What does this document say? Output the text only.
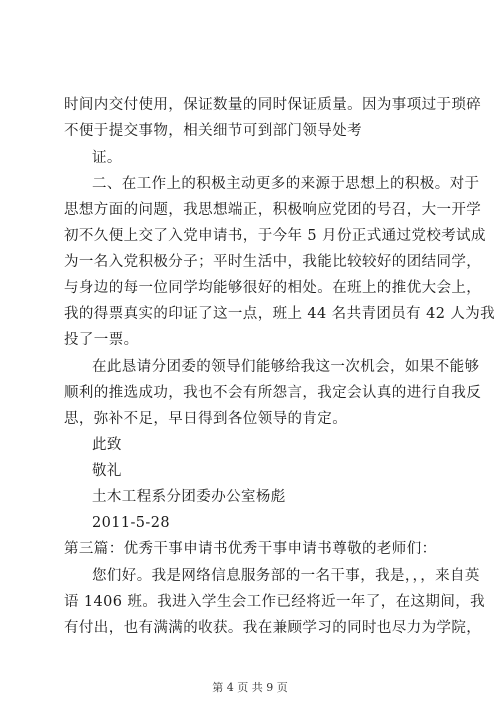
时间内交付使用，保证数量的同时保证质量。因为事项过于琐碎
不便于提交事物，相关细节可到部门领导处考
证。
二、在工作上的积极主动更多的来源于思想上的积极。对于
思想方面的问题，我思想端正，积极响应党团的号召，大一开学
初不久便上交了入党申请书，于今年 5 月份正式通过党校考试成
为一名入党积极分子；平时生活中，我能比较较好的团结同学，
与身边的每一位同学均能够很好的相处。在班上的推优大会上，
我的得票真实的印证了这一点，班上 44 名共青团员有 42 人为我
投了一票。
在此恳请分团委的领导们能够给我这一次机会，如果不能够
顺利的推选成功，我也不会有所怨言，我定会认真的进行自我反
思，弥补不足，早日得到各位领导的肯定。
此致
敬礼
土木工程系分团委办公室杨彪
2011-5-28
第三篇：优秀干事申请书优秀干事申请书尊敬的老师们：
您们好。我是网络信息服务部的一名干事，我是，，，来自英
语 1406 班。我进入学生会工作已经将近一年了，在这期间，我
有付出，也有满满的收获。我在兼顾学习的同时也尽力为学院，
第 4 页 共 9 页
